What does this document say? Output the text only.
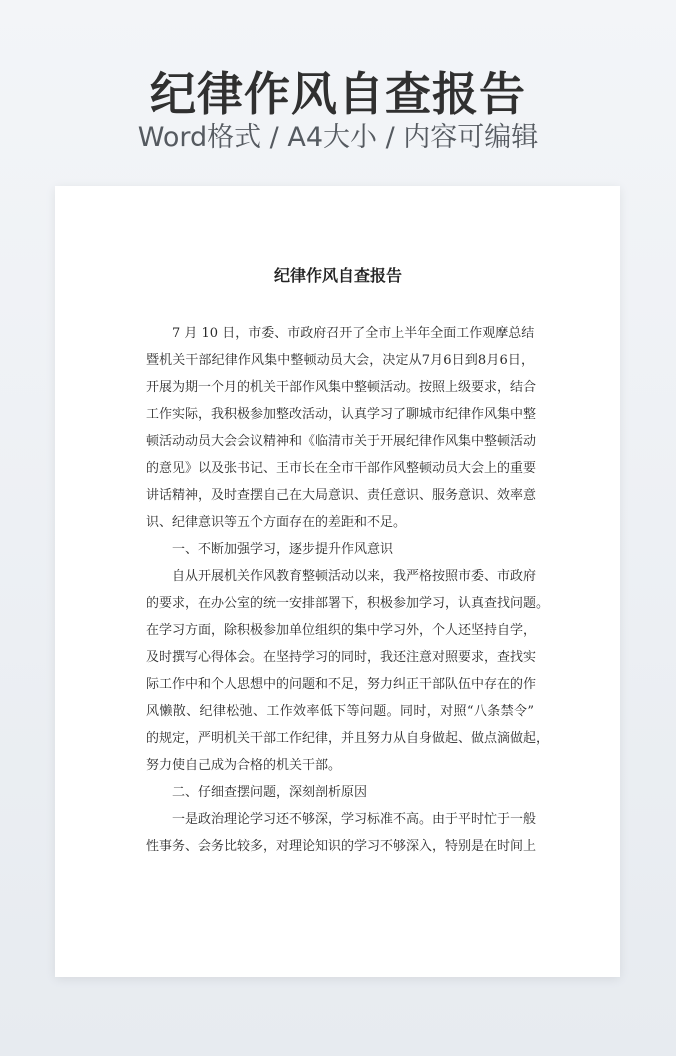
纪律作风自查报告
Word格式 / A4大小 / 内容可编辑
纪律作风自查报告
7 月 10 日，市委、市政府召开了全市上半年全面工作观摩总结
暨机关干部纪律作风集中整顿动员大会，决定从7月6日到8月6日，
开展为期一个月的机关干部作风集中整顿活动。按照上级要求，结合
工作实际，我积极参加整改活动，认真学习了聊城市纪律作风集中整
顿活动动员大会会议精神和《临清市关于开展纪律作风集中整顿活动
的意见》以及张书记、王市长在全市干部作风整顿动员大会上的重要
讲话精神，及时查摆自己在大局意识、责任意识、服务意识、效率意
识、纪律意识等五个方面存在的差距和不足。
一、不断加强学习，逐步提升作风意识
自从开展机关作风教育整顿活动以来，我严格按照市委、市政府
的要求，在办公室的统一安排部署下，积极参加学习，认真查找问题。
在学习方面，除积极参加单位组织的集中学习外，个人还坚持自学，
及时撰写心得体会。在坚持学习的同时，我还注意对照要求，查找实
际工作中和个人思想中的问题和不足，努力纠正干部队伍中存在的作
风懒散、纪律松弛、工作效率低下等问题。同时，对照“八条禁令”
的规定，严明机关干部工作纪律，并且努力从自身做起、做点滴做起，
努力使自己成为合格的机关干部。
二、仔细查摆问题，深刻剖析原因
一是政治理论学习还不够深，学习标准不高。由于平时忙于一般
性事务、会务比较多，对理论知识的学习不够深入，特别是在时间上
